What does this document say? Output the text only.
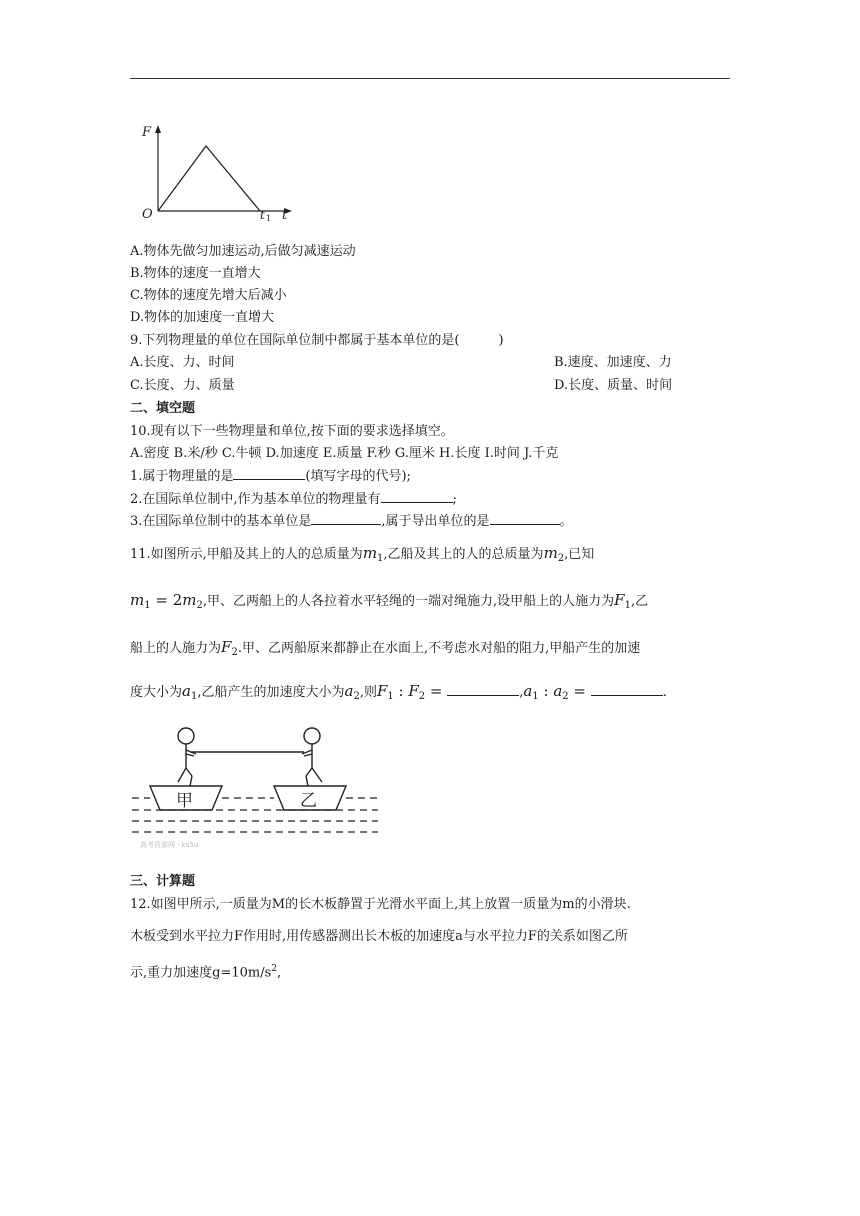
F
O	t 1 t
A.物体先做匀加速运动,后做匀减速运动
B.物体的速度一直增大
C.物体的速度先增大后减小
D.物体的加速度一直增大
9.下列物理量的单位在国际单位制中都属于基本单位的是(　　　)
A.长度、力、时间	B.速度、加速度、力
C.长度、力、质量	D.长度、质量、时间
二、填空题
10.现有以下一些物理量和单位,按下面的要求选择填空。
A.密度 B.米/秒 C.牛顿 D.加速度 E.质量 F.秒 G.厘米 H.长度 I.时间 J.千克
1.属于物理量的是	(填写字母的代号);
2.在国际单位制中,作为基本单位的物理量有	;
3.在国际单位制中的基本单位是	,属于导出单位的是	。
11.如图所示,甲船及其上的人的总质量为$m_1$,乙船及其上的人的总质量为$m_2$,已知
$m_1 = 2m_2$,甲、乙两船上的人各拉着水平轻绳的一端对绳施力,设甲船上的人施力为$F_1$,乙
船上的人施力为$F_2$.甲、乙两船原来都静止在水面上,不考虑水对船的阻力,甲船产生的加速
度大小为$a_1$,乙船产生的加速度大小为$a_2$,则$F_1$ : $F_2$ =	$,a_1$ : $a_2$ =	.
甲	乙
高考资源网 · ks5u
三、计算题
12.如图甲所示,一质量为M的长木板静置于光滑水平面上,其上放置一质量为m的小滑块.
木板受到水平拉力F作用时,用传感器测出长木板的加速度a与水平拉力F的关系如图乙所
示,重力加速度$g=10m/s^2$,
